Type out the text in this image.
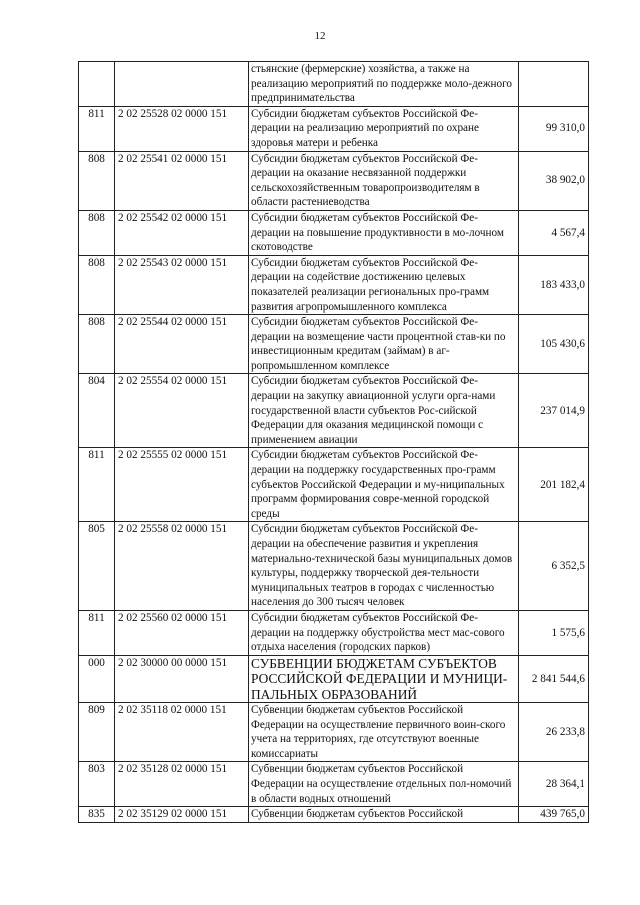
12
		стьянские (фермерские) хозяйства, а также на реализацию мероприятий по поддержке моло-дежного предпринимательства	
811	2 02 25528 02 0000 151	Субсидии бюджетам субъектов Российской Фе-дерации на реализацию мероприятий по охране здоровья матери и ребенка	99 310,0
808	2 02 25541 02 0000 151	Субсидии бюджетам субъектов Российской Фе-дерации на оказание несвязанной поддержки сельскохозяйственным товаропроизводителям в области растениеводства	38 902,0
808	2 02 25542 02 0000 151	Субсидии бюджетам субъектов Российской Фе-дерации на повышение продуктивности в мо-лочном скотоводстве	4 567,4
808	2 02 25543 02 0000 151	Субсидии бюджетам субъектов Российской Фе-дерации на содействие достижению целевых показателей реализации региональных про-грамм развития агропромышленного комплекса	183 433,0
808	2 02 25544 02 0000 151	Субсидии бюджетам субъектов Российской Фе-дерации на возмещение части процентной став-ки по инвестиционным кредитам (займам) в аг-ропромышленном комплексе	105 430,6
804	2 02 25554 02 0000 151	Субсидии бюджетам субъектов Российской Фе-дерации на закупку авиационной услуги орга-нами государственной власти субъектов Рос-сийской Федерации для оказания медицинской помощи с применением авиации	237 014,9
811	2 02 25555 02 0000 151	Субсидии бюджетам субъектов Российской Фе-дерации на поддержку государственных про-грамм субъектов Российской Федерации и му-ниципальных программ формирования совре-менной городской среды	201 182,4
805	2 02 25558 02 0000 151	Субсидии бюджетам субъектов Российской Фе-дерации на обеспечение развития и укрепления материально-технической базы муниципальных домов культуры, поддержку творческой дея-тельности муниципальных театров в городах с численностью населения до 300 тысяч человек	6 352,5
811	2 02 25560 02 0000 151	Субсидии бюджетам субъектов Российской Фе-дерации на поддержку обустройства мест мас-сового отдыха населения (городских парков)	1 575,6
000	2 02 30000 00 0000 151	СУБВЕНЦИИ БЮДЖЕТАМ СУБЪЕКТОВ РОССИЙСКОЙ ФЕДЕРАЦИИ И МУНИЦИ-ПАЛЬНЫХ ОБРАЗОВАНИЙ	2 841 544,6
809	2 02 35118 02 0000 151	Субвенции бюджетам субъектов Российской Федерации на осуществление первичного воин-ского учета на территориях, где отсутствуют военные комиссариаты	26 233,8
803	2 02 35128 02 0000 151	Субвенции бюджетам субъектов Российской Федерации на осуществление отдельных пол-номочий в области водных отношений	28 364,1
835	2 02 35129 02 0000 151	Субвенции бюджетам субъектов Российской	439 765,0
